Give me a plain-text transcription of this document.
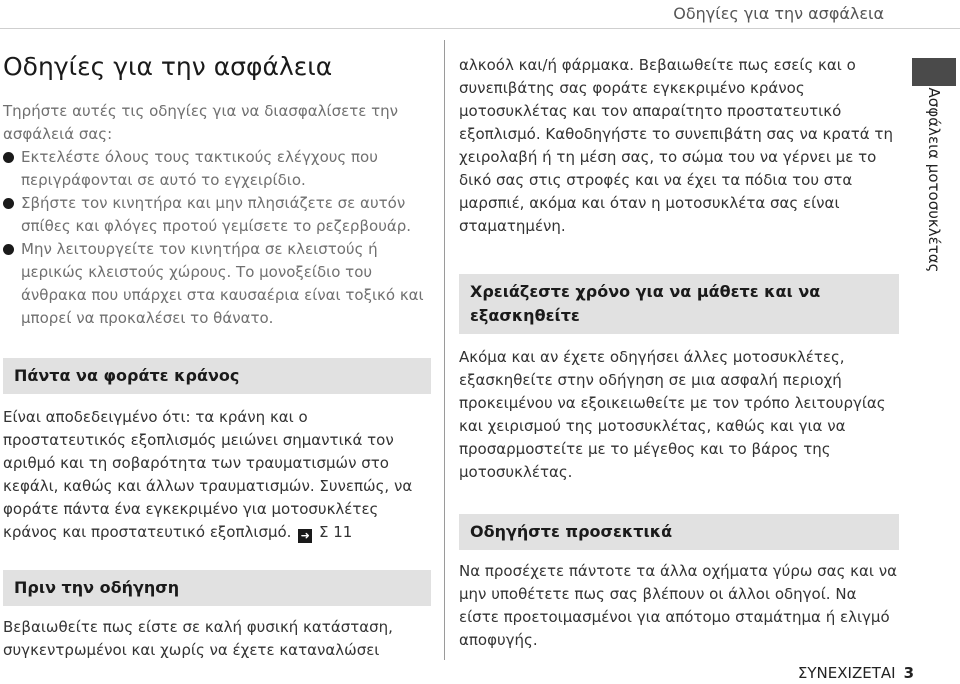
Οδηγίες για την ασφάλεια
Οδηγίες για την ασφάλεια
Τηρήστε αυτές τις οδηγίες για να διασφαλίσετε την ασφάλειά σας:
Εκτελέστε όλους τους τακτικούς ελέγχους που περιγράφονται σε αυτό το εγχειρίδιο.
Σβήστε τον κινητήρα και μην πλησιάζετε σε αυτόν σπίθες και φλόγες προτού γεμίσετε το ρεζερβουάρ.
Μην λειτουργείτε τον κινητήρα σε κλειστούς ή μερικώς κλειστούς χώρους. Το μονοξείδιο του άνθρακα που υπάρχει στα καυσαέρια είναι τοξικό και μπορεί να προκαλέσει το θάνατο.
Πάντα να φοράτε κράνος
Είναι αποδεδειγμένο ότι: τα κράνη και ο προστατευτικός εξοπλισμός μειώνει σημαντικά τον αριθμό και τη σοβαρότητα των τραυματισμών στο κεφάλι, καθώς και άλλων τραυματισμών. Συνεπώς, να φοράτε πάντα ένα εγκεκριμένο για μοτοσυκλέτες κράνος και προστατευτικό εξοπλισμό. ➜ Σ 11
Πριν την οδήγηση
Βεβαιωθείτε πως είστε σε καλή φυσική κατάσταση, συγκεντρωμένοι και χωρίς να έχετε καταναλώσει
αλκοόλ και/ή φάρμακα. Βεβαιωθείτε πως εσείς και ο συνεπιβάτης σας φοράτε εγκεκριμένο κράνος μοτοσυκλέτας και τον απαραίτητο προστατευτικό εξοπλισμό. Καθοδηγήστε το συνεπιβάτη σας να κρατά τη χειρολαβή ή τη μέση σας, το σώμα του να γέρνει με το δικό σας στις στροφές και να έχει τα πόδια του στα μαρσπιέ, ακόμα και όταν η μοτοσυκλέτα σας είναι σταματημένη.
Χρειάζεστε χρόνο για να μάθετε και να εξασκηθείτε
Ακόμα και αν έχετε οδηγήσει άλλες μοτοσυκλέτες, εξασκηθείτε στην οδήγηση σε μια ασφαλή περιοχή προκειμένου να εξοικειωθείτε με τον τρόπο λειτουργίας και χειρισμού της μοτοσυκλέτας, καθώς και για να προσαρμοστείτε με το μέγεθος και το βάρος της μοτοσυκλέτας.
Οδηγήστε προσεκτικά
Να προσέχετε πάντοτε τα άλλα οχήματα γύρω σας και να μην υποθέτετε πως σας βλέπουν οι άλλοι οδηγοί. Να είστε προετοιμασμένοι για απότομο σταμάτημα ή ελιγμό αποφυγής.
Ασφάλεια μοτοσυκλέτας
ΣΥΝΕΧΙΖΕΤΑΙ 3
